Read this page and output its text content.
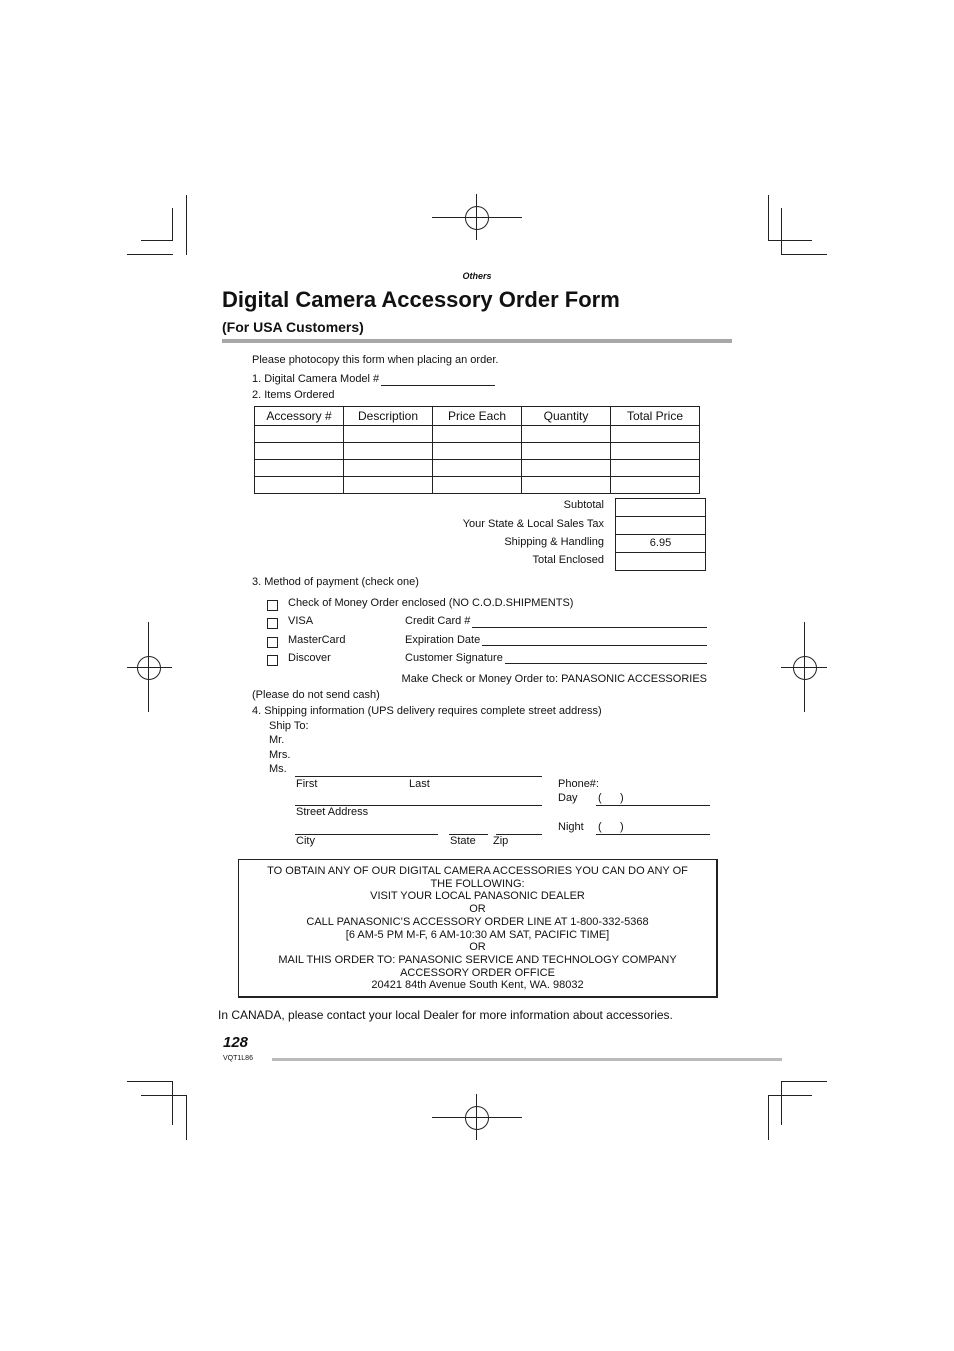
Others
Digital Camera Accessory Order Form
(For USA Customers)
Please photocopy this form when placing an order.
1. Digital Camera Model #
2. Items Ordered
Accessory #	Description	Price Each	Quantity	Total Price

Subtotal
Your State & Local Sales Tax
Shipping & Handling	6.95
Total Enclosed
3. Method of payment (check one)
Check of Money Order enclosed (NO C.O.D.SHIPMENTS)
VISA	Credit Card #
MasterCard	Expiration Date
Discover	Customer Signature
Make Check or Money Order to: PANASONIC ACCESSORIES
(Please do not send cash)
4. Shipping information (UPS delivery requires complete street address)
Ship To:
Mr.
Mrs.
Ms.
First	Last
Street Address
City	State Zip
Phone#:
Day (      )
Night (      )
TO OBTAIN ANY OF OUR DIGITAL CAMERA ACCESSORIES YOU CAN DO ANY OF
THE FOLLOWING:
VISIT YOUR LOCAL PANASONIC DEALER
OR
CALL PANASONIC’S ACCESSORY ORDER LINE AT 1-800-332-5368
[6 AM-5 PM M-F, 6 AM-10:30 AM SAT, PACIFIC TIME]
OR
MAIL THIS ORDER TO: PANASONIC SERVICE AND TECHNOLOGY COMPANY
ACCESSORY ORDER OFFICE
20421 84th Avenue South Kent, WA. 98032
In CANADA, please contact your local Dealer for more information about accessories.
128
VQT1L86
